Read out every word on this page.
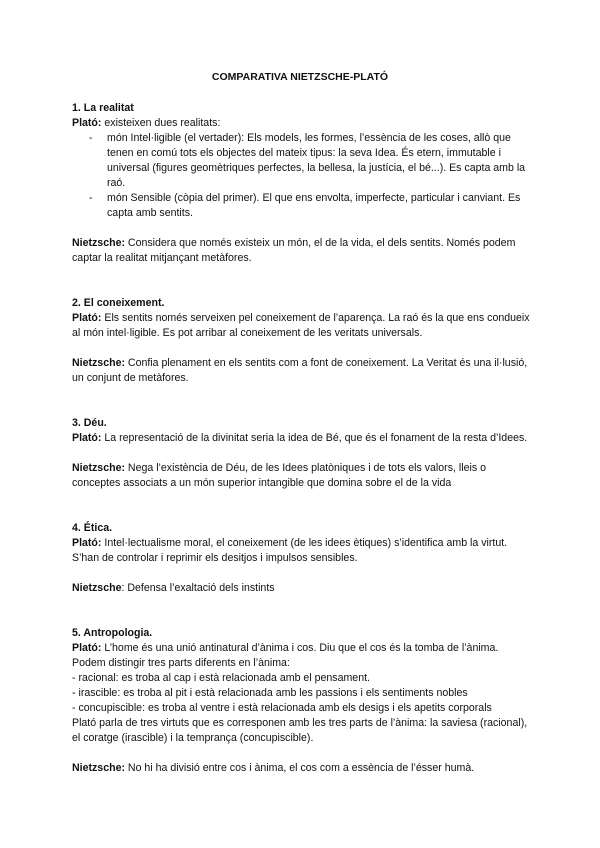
COMPARATIVA NIETZSCHE-PLATÓ
1. La realitat

Plató: existeixen dues realitats:

- món Intel·ligible (el vertader): Els models, les formes, l’essència de les coses, allò que tenen en comú tots els objectes del mateix tipus: la seva Idea. És etern, immutable i universal (figures geomètriques perfectes, la bellesa, la justícia, el bé...). Es capta amb la raó.
- món Sensible (còpia del primer). El que ens envolta, imperfecte, particular i canviant. Es capta amb sentits.

Nietzsche: Considera que només existeix un món, el de la vida, el dels sentits. Només podem captar la realitat mitjançant metàfores.

2. El coneixement.

Plató: Els sentits només serveixen pel coneixement de l’aparença. La raó és la que ens condueix al món intel·ligible. Es pot arribar al coneixement de les veritats universals.

Nietzsche: Confia plenament en els sentits com a font de coneixement. La Veritat és una il·lusió, un conjunt de metàfores.

3. Déu.

Plató: La representació de la divinitat seria la idea de Bé, que és el fonament de la resta d’Idees.

Nietzsche: Nega l’existència de Déu, de les Idees platòniques i de tots els valors, lleis o conceptes associats a un món superior intangible que domina sobre el de la vida

4. Ética.

Plató: Intel·lectualisme moral, el coneixement (de les idees ètiques) s’identifica amb la virtut. S’han de controlar i reprimir els desitjos i impulsos sensibles.

Nietzsche: Defensa l’exaltació dels instints

5. Antropologia.

Plató: L’home és una unió antinatural d’ànima i cos. Diu que el cos és la tomba de l’ànima. Podem distingir tres parts diferents en l’ànima:

- racional: es troba al cap i està relacionada amb el pensament.
- irascible: es troba al pit i està relacionada amb les passions i els sentiments nobles
- concupiscible: es troba al ventre i està relacionada amb els desigs i els apetits corporals
Plató parla de tres virtuts que es corresponen amb les tres parts de l’ànima: la saviesa (racional), el coratge (irascible) i la temprança (concupiscible).

Nietzsche: No hi ha divisió entre cos i ànima, el cos com a essència de l’ésser humà.
